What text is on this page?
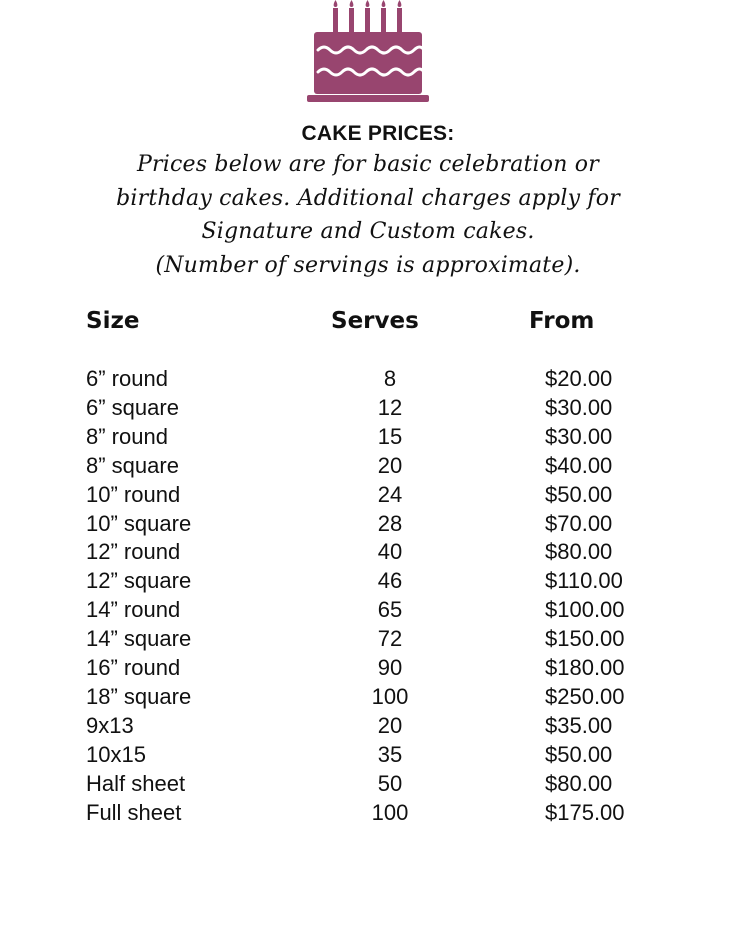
CAKE PRICES:
Prices below are for basic celebration or
birthday cakes. Additional charges apply for
Signature and Custom cakes.
(Number of servings is approximate).
Size	Serves	From
6” round	8	$20.00
6” square	12	$30.00
8” round	15	$30.00
8” square	20	$40.00
10” round	24	$50.00
10” square	28	$70.00
12” round	40	$80.00
12” square	46	$110.00
14” round	65	$100.00
14” square	72	$150.00
16” round	90	$180.00
18” square	100	$250.00
9x13	20	$35.00
10x15	35	$50.00
Half sheet	50	$80.00
Full sheet	100	$175.00
